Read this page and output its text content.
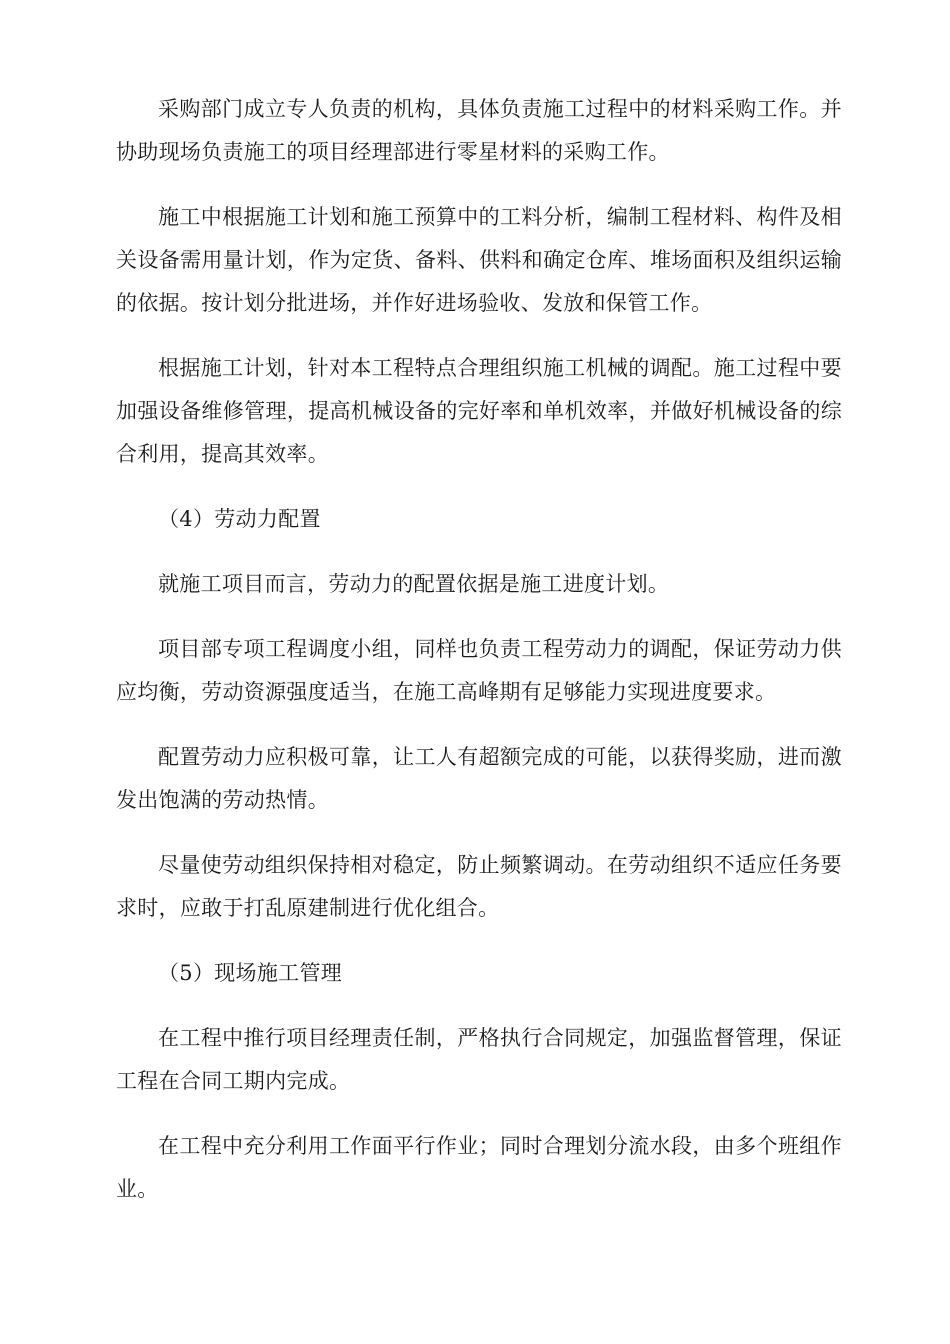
采购部门成立专人负责的机构，具体负责施工过程中的材料采购工作。并协助现场负责施工的项目经理部进行零星材料的采购工作。

施工中根据施工计划和施工预算中的工料分析，编制工程材料、构件及相关设备需用量计划，作为定货、备料、供料和确定仓库、堆场面积及组织运输的依据。按计划分批进场，并作好进场验收、发放和保管工作。

根据施工计划，针对本工程特点合理组织施工机械的调配。施工过程中要加强设备维修管理，提高机械设备的完好率和单机效率，并做好机械设备的综合利用，提高其效率。

（4）劳动力配置

就施工项目而言，劳动力的配置依据是施工进度计划。

项目部专项工程调度小组，同样也负责工程劳动力的调配，保证劳动力供应均衡，劳动资源强度适当，在施工高峰期有足够能力实现进度要求。

配置劳动力应积极可靠，让工人有超额完成的可能，以获得奖励，进而激发出饱满的劳动热情。

尽量使劳动组织保持相对稳定，防止频繁调动。在劳动组织不适应任务要求时，应敢于打乱原建制进行优化组合。

（5）现场施工管理

在工程中推行项目经理责任制，严格执行合同规定，加强监督管理，保证工程在合同工期内完成。

在工程中充分利用工作面平行作业；同时合理划分流水段，由多个班组作业。
